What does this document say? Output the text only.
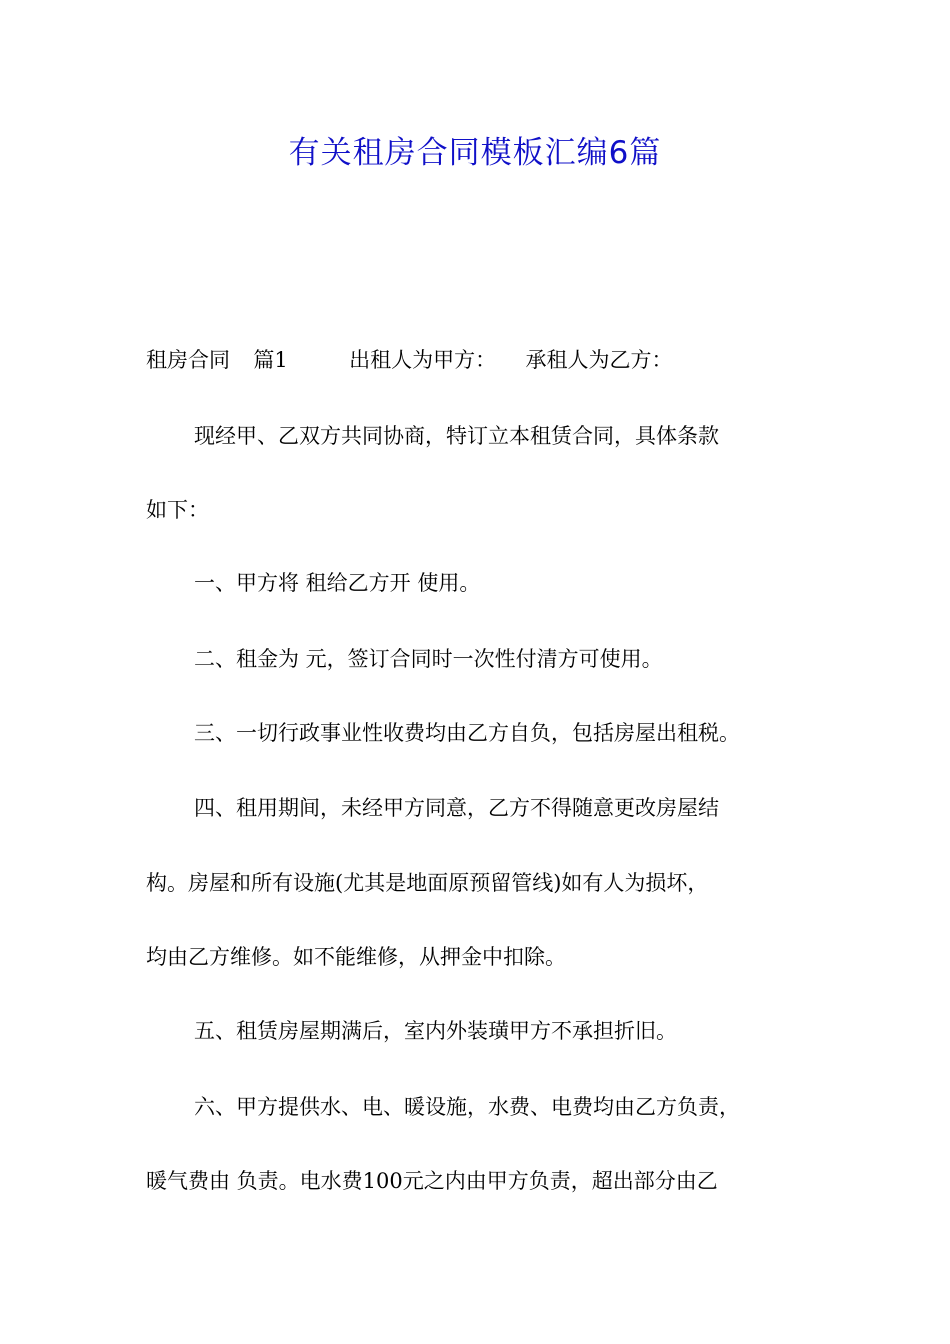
有关租房合同模板汇编6篇
租房合同 篇1	出租人为甲方： 承租人为乙方：

现经甲、乙双方共同协商，特订立本租赁合同，具体条款

如下：

一、甲方将 租给乙方开 使用。

二、租金为 元，签订合同时一次性付清方可使用。

三、一切行政事业性收费均由乙方自负，包括房屋出租税。

四、租用期间，未经甲方同意，乙方不得随意更改房屋结

构。房屋和所有设施(尤其是地面原预留管线)如有人为损坏，

均由乙方维修。如不能维修，从押金中扣除。

五、租赁房屋期满后，室内外装璜甲方不承担折旧。

六、甲方提供水、电、暖设施，水费、电费均由乙方负责，

暖气费由 负责。电水费100元之内由甲方负责，超出部分由乙
